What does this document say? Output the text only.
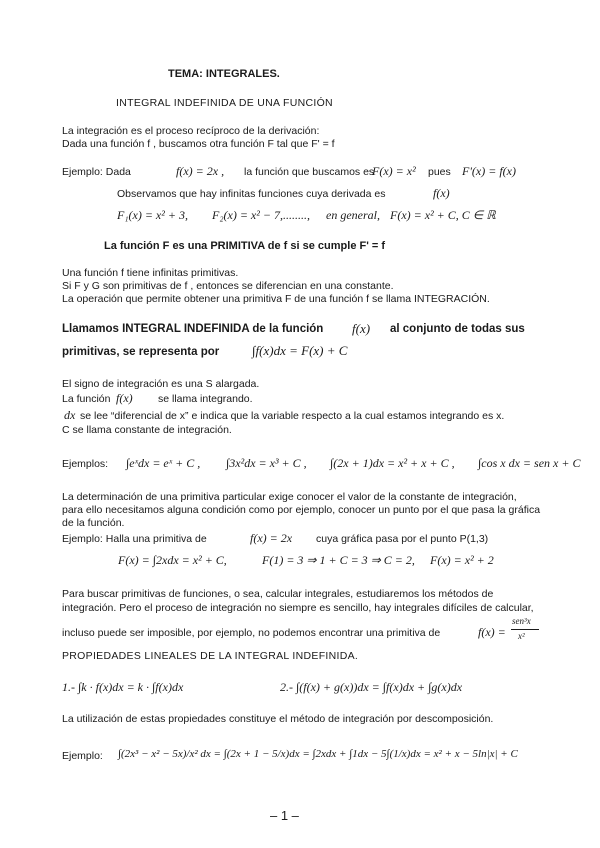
TEMA: INTEGRALES.
INTEGRAL INDEFINIDA DE UNA FUNCIÓN
La integración es el proceso recíproco de la derivación:
Dada una función f , buscamos otra función F tal que F' = f
Ejemplo: Dada	f(x) = 2x , la función que buscamos es
F(x) = x² pues F'(x) = f(x)
Observamos que hay infinitas funciones cuya derivada es	f(x)
F₁(x) = x² + 3, F₂(x) = x² − 7,........, en general, F(x) = x² + C, C ∈ ℝ
La función F es una PRIMITIVA de f si se cumple F' = f
Una función f tiene infinitas primitivas.
Si F y G son primitivas de f , entonces se diferencian en una constante.
La operación que permite obtener una primitiva F de una función f se llama INTEGRACIÓN.
Llamamos INTEGRAL INDEFINIDA de la función f(x) al conjunto de todas sus
primitivas, se representa por	∫f(x)dx = F(x) + C
El signo de integración es una S alargada.
La función f(x) se llama integrando.
dx se lee “diferencial de x” e indica que la variable respecto a la cual estamos integrando es x.
C se llama constante de integración.
Ejemplos: ∫eˣdx = eˣ + C , ∫3x²dx = x³ + C , ∫(2x + 1)dx = x² + x + C , ∫cos x dx = sen x + C
La determinación de una primitiva particular exige conocer el valor de la constante de integración,
para ello necesitamos alguna condición como por ejemplo, conocer un punto por el que pasa la gráfica
de la función.
Ejemplo: Halla una primitiva de	f(x) = 2x cuya gráfica pasa por el punto P(1,3)
F(x) = ∫2xdx = x² + C,	F(1) = 3 ⇒ 1 + C = 3 ⇒ C = 2, F(x) = x² + 2
Para buscar primitivas de funciones, o sea, calcular integrales, estudiaremos los métodos de
integración. Pero el proceso de integración no siempre es sencillo, hay integrales difíciles de calcular,
incluso puede ser imposible, por ejemplo, no podemos encontrar una primitiva de	f(x) =
sen³x
x²
PROPIEDADES LINEALES DE LA INTEGRAL INDEFINIDA.
1.- ∫k · f(x)dx = k · ∫f(x)dx	2.- ∫(f(x) + g(x))dx = ∫f(x)dx + ∫g(x)dx
La utilización de estas propiedades constituye el método de integración por descomposición.
Ejemplo: ∫(2x³ − x² − 5x)/x² dx = ∫(2x + 1 − 5/x)dx = ∫2xdx + ∫1dx − 5∫(1/x)dx = x² + x − 5ln|x| + C
– 1 –
